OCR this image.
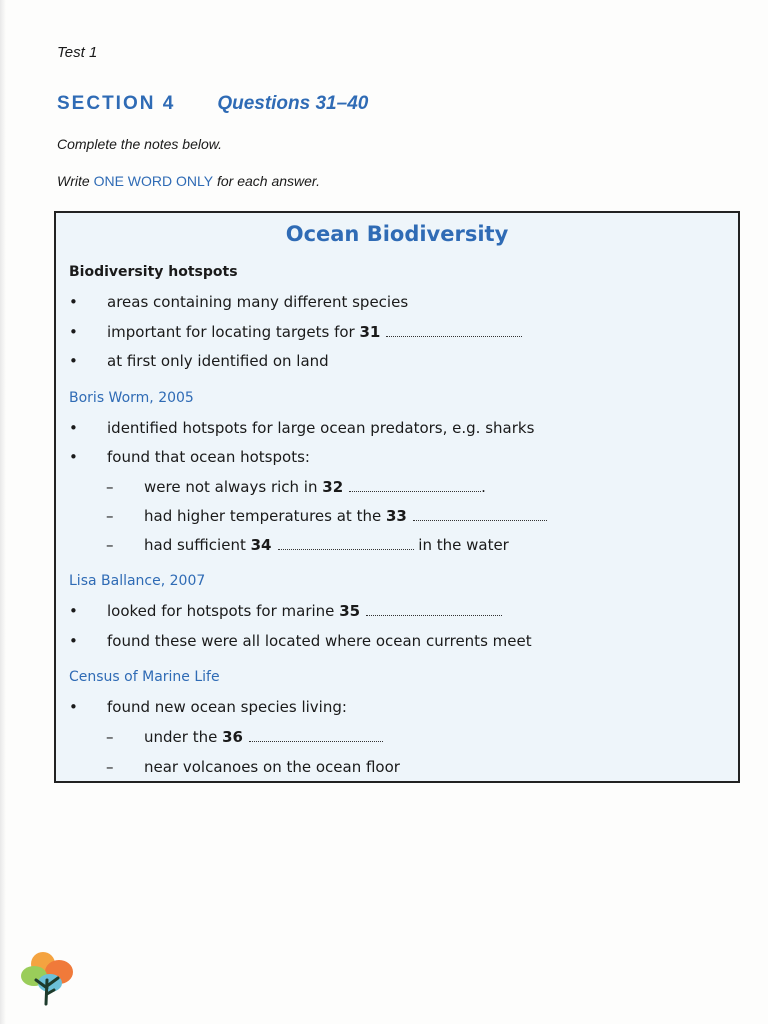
Test 1
SECTION 4 Questions 31–40
Complete the notes below.
Write ONE WORD ONLY for each answer.
Ocean Biodiversity
Biodiversity hotspots
• areas containing many different species
• important for locating targets for 31
• at first only identified on land
Boris Worm, 2005
• identified hotspots for large ocean predators, e.g. sharks
• found that ocean hotspots:
– were not always rich in 32	.
– had higher temperatures at the 33
– had sufficient 34	in the water
Lisa Ballance, 2007
• looked for hotspots for marine 35
• found these were all located where ocean currents meet
Census of Marine Life
• found new ocean species living:
– under the 36
– near volcanoes on the ocean floor
